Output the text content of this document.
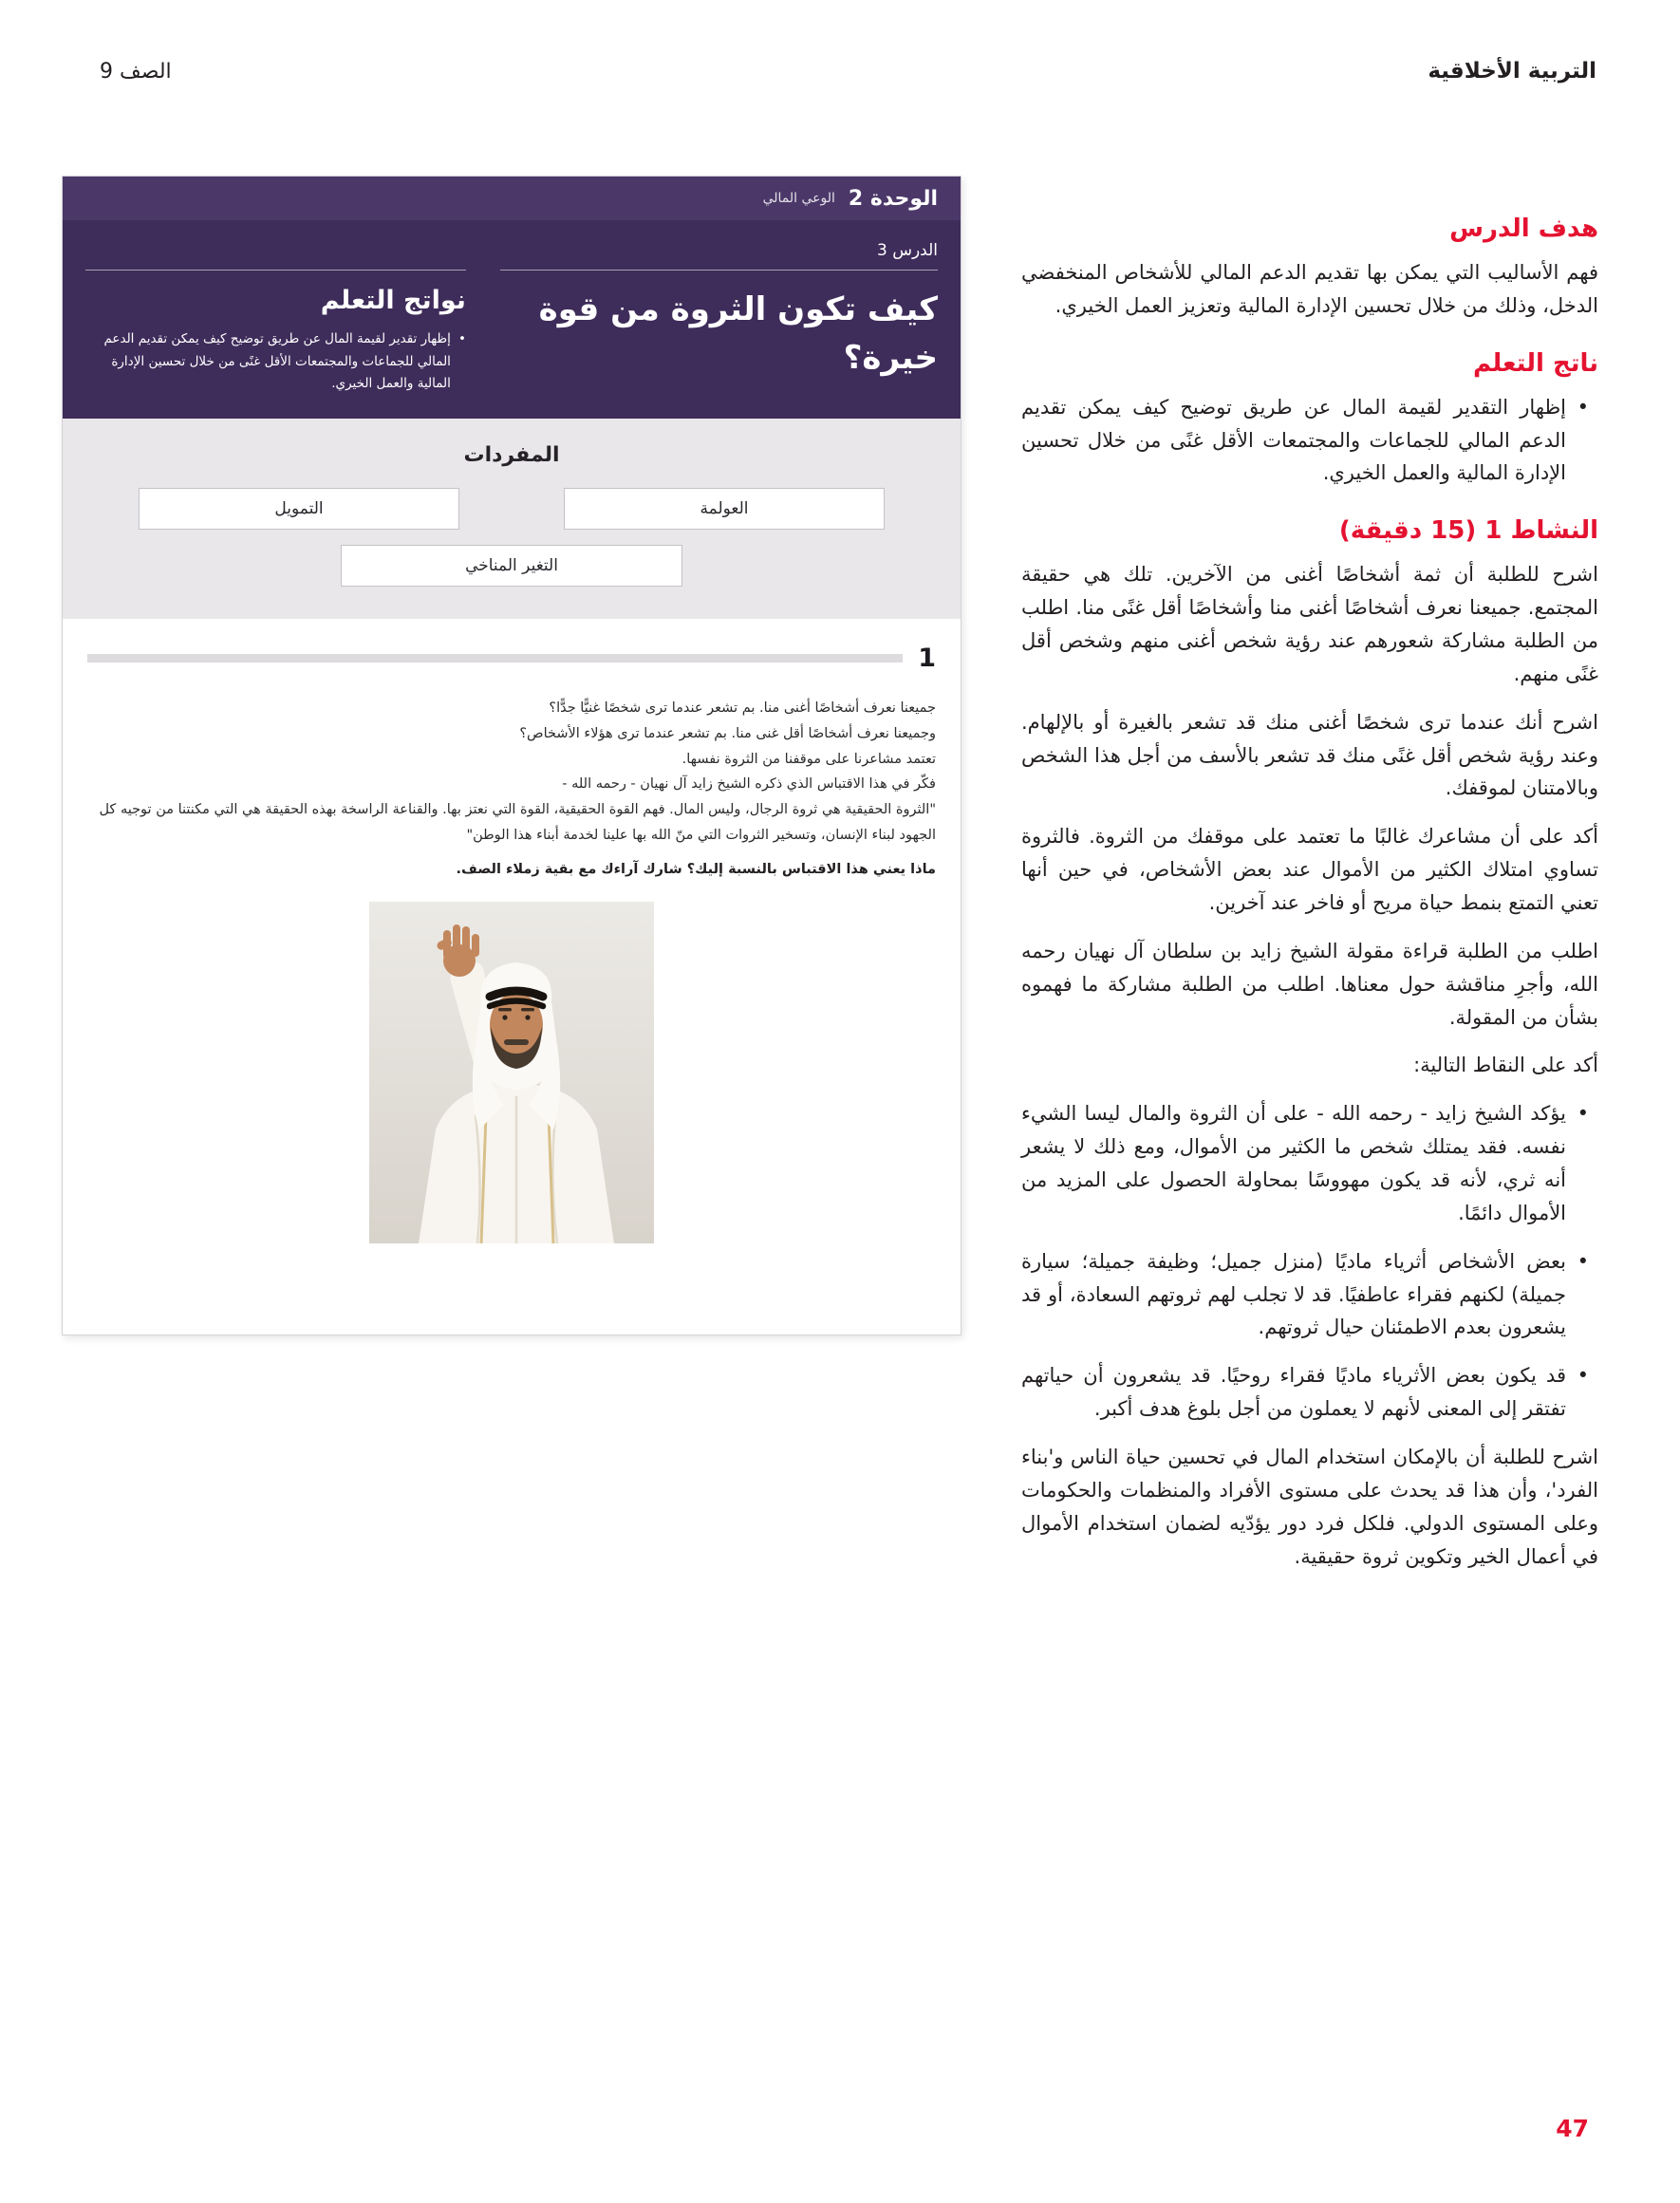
التربية الأخلاقية
الصف 9
الوحدة 2
الوعي المالي
الدرس 3
كيف تكون الثروة من قوة خيرة؟
نواتج التعلم
• إظهار تقدير لقيمة المال عن طريق توضيح كيف يمكن تقديم الدعم المالي للجماعات والمجتمعات الأقل غنًى من خلال تحسين الإدارة المالية والعمل الخيري.
المفردات
العولمة
التمويل
التغير المناخي
1
جميعنا نعرف أشخاصًا أغنى منا. بم تشعر عندما ترى شخصًا غنيًّا جدًّا؟
وجميعنا نعرف أشخاصًا أقل غنى منا. بم تشعر عندما ترى هؤلاء الأشخاص؟
تعتمد مشاعرنا على موقفنا من الثروة نفسها.
فكّر في هذا الاقتباس الذي ذكره الشيخ زايد آل نهيان - رحمه الله -
"الثروة الحقيقية هي ثروة الرجال، وليس المال. فهم القوة الحقيقية، القوة التي نعتز بها. والقناعة الراسخة بهذه الحقيقة هي التي مكنتنا من توجيه كل الجهود لبناء الإنسان، وتسخير الثروات التي منّ الله بها علينا لخدمة أبناء هذا الوطن"
ماذا يعني هذا الاقتباس بالنسبة إليك؟ شارك آراءك مع بقية زملاء الصف.
هدف الدرس
فهم الأساليب التي يمكن بها تقديم الدعم المالي للأشخاص المنخفضي الدخل، وذلك من خلال تحسين الإدارة المالية وتعزيز العمل الخيري.
ناتج التعلم
• إظهار التقدير لقيمة المال عن طريق توضيح كيف يمكن تقديم الدعم المالي للجماعات والمجتمعات الأقل غنًى من خلال تحسين الإدارة المالية والعمل الخيري.
النشاط 1 (15 دقيقة)
اشرح للطلبة أن ثمة أشخاصًا أغنى من الآخرين. تلك هي حقيقة المجتمع. جميعنا نعرف أشخاصًا أغنى منا وأشخاصًا أقل غنًى منا. اطلب من الطلبة مشاركة شعورهم عند رؤية شخص أغنى منهم وشخص أقل غنًى منهم.
اشرح أنك عندما ترى شخصًا أغنى منك قد تشعر بالغيرة أو بالإلهام. وعند رؤية شخص أقل غنًى منك قد تشعر بالأسف من أجل هذا الشخص وبالامتنان لموقفك.
أكد على أن مشاعرك غالبًا ما تعتمد على موقفك من الثروة. فالثروة تساوي امتلاك الكثير من الأموال عند بعض الأشخاص، في حين أنها تعني التمتع بنمط حياة مريح أو فاخر عند آخرين.
اطلب من الطلبة قراءة مقولة الشيخ زايد بن سلطان آل نهيان رحمه الله، وأجرِ مناقشة حول معناها. اطلب من الطلبة مشاركة ما فهموه بشأن من المقولة.
أكد على النقاط التالية:
• يؤكد الشيخ زايد - رحمه الله - على أن الثروة والمال ليسا الشيء نفسه. فقد يمتلك شخص ما الكثير من الأموال، ومع ذلك لا يشعر أنه ثري، لأنه قد يكون مهووسًا بمحاولة الحصول على المزيد من الأموال دائمًا.
• بعض الأشخاص أثرياء ماديًا (منزل جميل؛ وظيفة جميلة؛ سيارة جميلة) لكنهم فقراء عاطفيًا. قد لا تجلب لهم ثروتهم السعادة، أو قد يشعرون بعدم الاطمئنان حيال ثروتهم.
• قد يكون بعض الأثرياء ماديًا فقراء روحيًا. قد يشعرون أن حياتهم تفتقر إلى المعنى لأنهم لا يعملون من أجل بلوغ هدف أكبر.
اشرح للطلبة أن بالإمكان استخدام المال في تحسين حياة الناس و'بناء الفرد'، وأن هذا قد يحدث على مستوى الأفراد والمنظمات والحكومات وعلى المستوى الدولي. فلكل فرد دور يؤدّيه لضمان استخدام الأموال في أعمال الخير وتكوين ثروة حقيقية.
47
